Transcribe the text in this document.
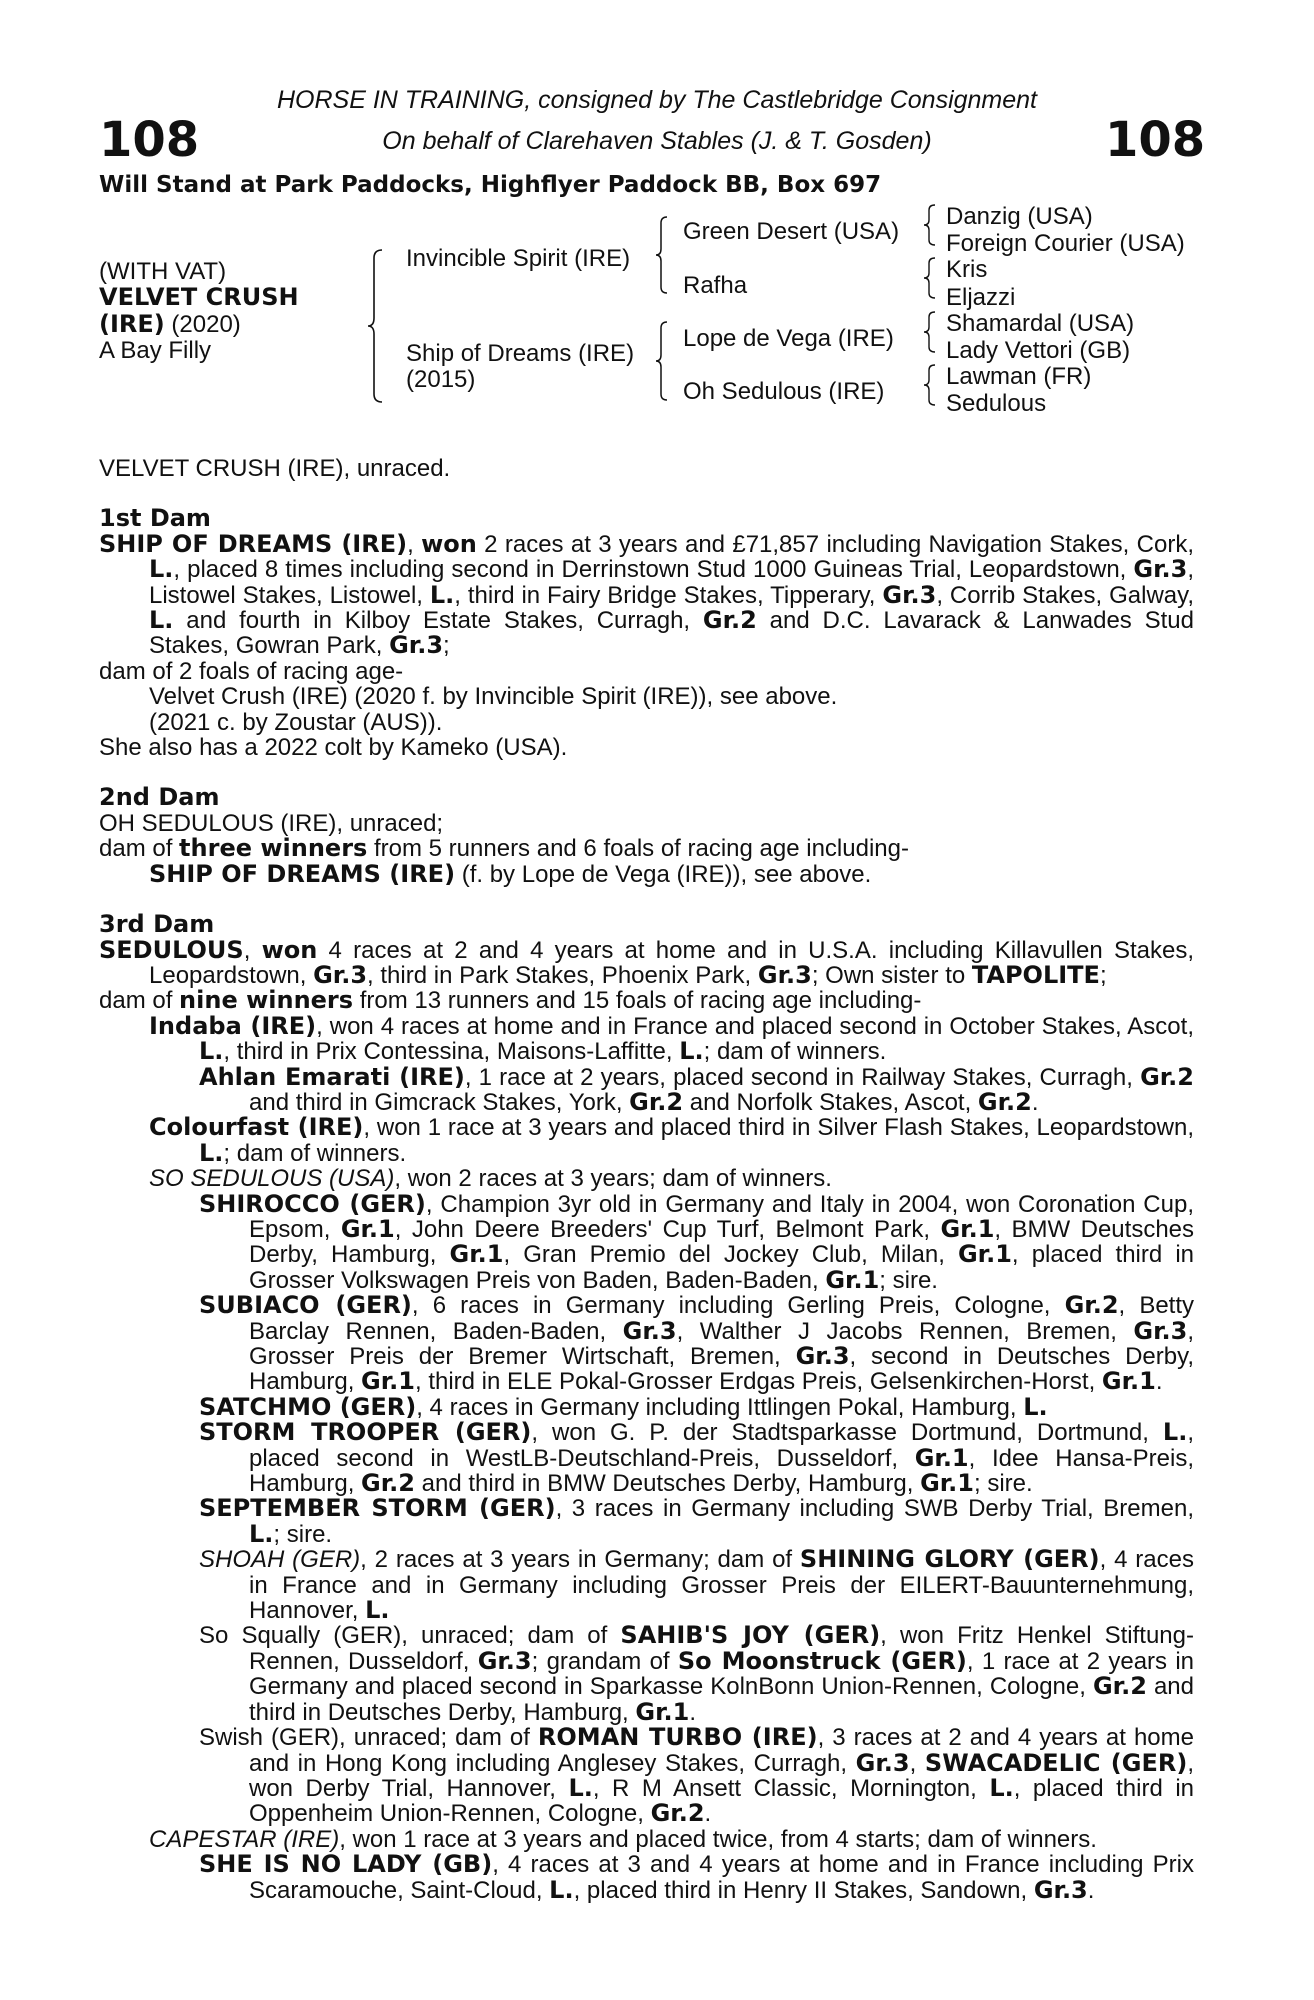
HORSE IN TRAINING, consigned by The Castlebridge Consignment
On behalf of Clarehaven Stables (J. & T. Gosden)
108	108
Will Stand at Park Paddocks, Highflyer Paddock BB, Box 697
(WITH VAT)
VELVET CRUSH
(IRE) (2020)
A Bay Filly
Invincible Spirit (IRE)
Ship of Dreams (IRE)
(2015)
Green Desert (USA)
Rafha
Lope de Vega (IRE)
Oh Sedulous (IRE)
Danzig (USA)
Foreign Courier (USA)
Kris
Eljazzi
Shamardal (USA)
Lady Vettori (GB)
Lawman (FR)
Sedulous

VELVET CRUSH (IRE), unraced.

1st Dam

SHIP OF DREAMS (IRE), won 2 races at 3 years and £71,857 including Navigation Stakes, Cork, L., placed 8 times including second in Derrinstown Stud 1000 Guineas Trial, Leopardstown, Gr.3, Listowel Stakes, Listowel, L., third in Fairy Bridge Stakes, Tipperary, Gr.3, Corrib Stakes, Galway, L. and fourth in Kilboy Estate Stakes, Curragh, Gr.2 and D.C. Lavarack & Lanwades Stud Stakes, Gowran Park, Gr.3;

dam of 2 foals of racing age-

Velvet Crush (IRE) (2020 f. by Invincible Spirit (IRE)), see above.

(2021 c. by Zoustar (AUS)).

She also has a 2022 colt by Kameko (USA).

2nd Dam

OH SEDULOUS (IRE), unraced;

dam of three winners from 5 runners and 6 foals of racing age including-

SHIP OF DREAMS (IRE) (f. by Lope de Vega (IRE)), see above.

3rd Dam

SEDULOUS, won 4 races at 2 and 4 years at home and in U.S.A. including Killavullen Stakes, Leopardstown, Gr.3, third in Park Stakes, Phoenix Park, Gr.3; Own sister to TAPOLITE;

dam of nine winners from 13 runners and 15 foals of racing age including-

Indaba (IRE), won 4 races at home and in France and placed second in October Stakes, Ascot, L., third in Prix Contessina, Maisons-Laffitte, L.; dam of winners.

Ahlan Emarati (IRE), 1 race at 2 years, placed second in Railway Stakes, Curragh, Gr.2 and third in Gimcrack Stakes, York, Gr.2 and Norfolk Stakes, Ascot, Gr.2.

Colourfast (IRE), won 1 race at 3 years and placed third in Silver Flash Stakes, Leopardstown, L.; dam of winners.

SO SEDULOUS (USA), won 2 races at 3 years; dam of winners.

SHIROCCO (GER), Champion 3yr old in Germany and Italy in 2004, won Coronation Cup, Epsom, Gr.1, John Deere Breeders' Cup Turf, Belmont Park, Gr.1, BMW Deutsches Derby, Hamburg, Gr.1, Gran Premio del Jockey Club, Milan, Gr.1, placed third in Grosser Volkswagen Preis von Baden, Baden-Baden, Gr.1; sire.

SUBIACO (GER), 6 races in Germany including Gerling Preis, Cologne, Gr.2, Betty Barclay Rennen, Baden-Baden, Gr.3, Walther J Jacobs Rennen, Bremen, Gr.3, Grosser Preis der Bremer Wirtschaft, Bremen, Gr.3, second in Deutsches Derby, Hamburg, Gr.1, third in ELE Pokal-Grosser Erdgas Preis, Gelsenkirchen-Horst, Gr.1.

SATCHMO (GER), 4 races in Germany including Ittlingen Pokal, Hamburg, L.

STORM TROOPER (GER), won G. P. der Stadtsparkasse Dortmund, Dortmund, L., placed second in WestLB-Deutschland-Preis, Dusseldorf, Gr.1, Idee Hansa-Preis, Hamburg, Gr.2 and third in BMW Deutsches Derby, Hamburg, Gr.1; sire.

SEPTEMBER STORM (GER), 3 races in Germany including SWB Derby Trial, Bremen, L.; sire.

SHOAH (GER), 2 races at 3 years in Germany; dam of SHINING GLORY (GER), 4 races in France and in Germany including Grosser Preis der EILERT-Bauunternehmung, Hannover, L.

So Squally (GER), unraced; dam of SAHIB'S JOY (GER), won Fritz Henkel Stiftung-Rennen, Dusseldorf, Gr.3; grandam of So Moonstruck (GER), 1 race at 2 years in Germany and placed second in Sparkasse KolnBonn Union-Rennen, Cologne, Gr.2 and third in Deutsches Derby, Hamburg, Gr.1.

Swish (GER), unraced; dam of ROMAN TURBO (IRE), 3 races at 2 and 4 years at home and in Hong Kong including Anglesey Stakes, Curragh, Gr.3, SWACADELIC (GER), won Derby Trial, Hannover, L., R M Ansett Classic, Mornington, L., placed third in Oppenheim Union-Rennen, Cologne, Gr.2.

CAPESTAR (IRE), won 1 race at 3 years and placed twice, from 4 starts; dam of winners.

SHE IS NO LADY (GB), 4 races at 3 and 4 years at home and in France including Prix Scaramouche, Saint-Cloud, L., placed third in Henry II Stakes, Sandown, Gr.3.
